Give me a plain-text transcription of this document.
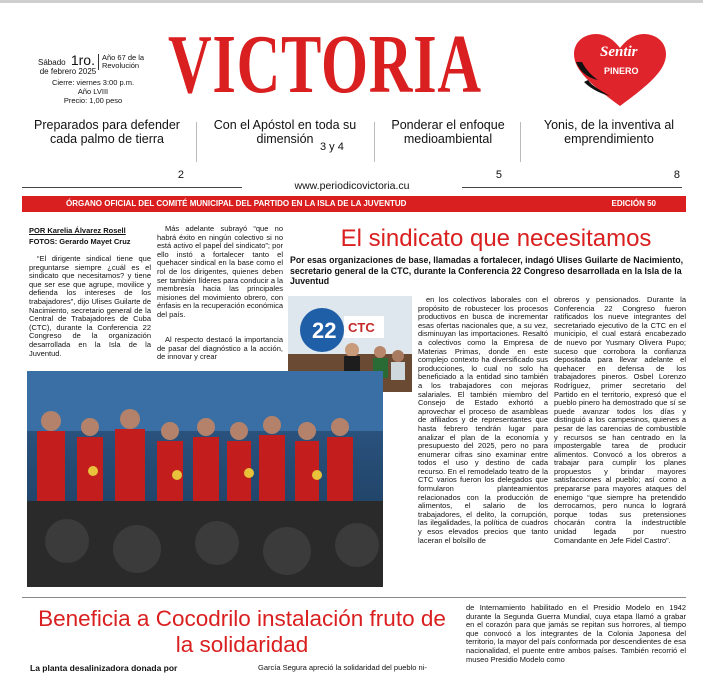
Sábado 1ro.
de febrero 2025
Año 67 de la Revolución
Cierre: viernes 3:00 p.m.
Año LVIII
Precio: 1,00 peso VICTORIA	Sentir
PINERO
Preparados para defender cada palmo de tierra
2
Con el Apóstol en toda su dimensión
3 y 4
Ponderar el enfoque medioambiental
5
Yonis, de la inventiva al emprendimiento
8
www.periodicovictoria.cu
ÓRGANO OFICIAL DEL COMITÉ MUNICIPAL DEL PARTIDO EN LA ISLA DE LA JUVENTUD	EDICIÓN 50
POR Karelia Álvarez Rosell
FOTOS: Gerardo Mayet Cruz
“El dirigente sindical tiene que preguntarse siempre ¿cuál es el sindicato que necesitamos? y tiene que ser ese que agrupe, movilice y defienda los intereses de los trabajadores”, dijo Ulises Guilarte de Nacimiento, secretario general de la Central de Trabajadores de Cuba (CTC), durante la Conferencia 22 Congreso de la organización desarrollada en la Isla de la Juventud.
Más adelante subrayó “que no habrá éxito en ningún colectivo si no está activo el papel del sindicato”; por ello instó a fortalecer tanto el quehacer sindical en la base como el rol de los dirigentes, quienes deben ser también líderes para conducir a la membresía hacia las principales misiones del movimiento obrero, con énfasis en la recuperación económica del país.
Al respecto destacó la importancia de pasar del diagnóstico a la acción, de innovar y crear
El sindicato que necesitamos
Por esas organizaciones de base, llamadas a fortalecer, indagó Ulises Guilarte de Nacimiento, secretario general de la CTC, durante la Conferencia 22 Congreso desarrollada en la Isla de la Juventud
22 CTC
en los colectivos laborales con el propósito de robustecer los procesos productivos en busca de incrementar esas ofertas nacionales que, a su vez, disminuyan las importaciones. Resaltó a colectivos como la Empresa de Materias Primas, donde en este complejo contexto ha diversificado sus producciones, lo cual no solo ha beneficiado a la entidad sino también a los trabajadores con mejoras salariales. El también miembro del Consejo de Estado exhortó a aprovechar el proceso de asambleas de afiliados y de representantes que hasta febrero tendrán lugar para analizar el plan de la economía y presupuesto del 2025, pero no para enumerar cifras sino examinar entre todos el uso y destino de cada recurso. En el remodelado teatro de la CTC varios fueron los delegados que formularon planteamientos relacionados con la producción de alimentos, el salario de los trabajadores, el delito, la corrupción, las ilegalidades, la política de cuadros y esos elevados precios que tanto laceran el bolsillo de
obreros y pensionados. Durante la Conferencia 22 Congreso fueron ratificados los nueve integrantes del secretariado ejecutivo de la CTC en el municipio, el cual estará encabezado de nuevo por Yusmary Olivera Pupo; suceso que corrobora la confianza depositada para llevar adelante el quehacer en defensa de los trabajadores pineros. Osbel Lorenzo Rodríguez, primer secretario del Partido en el territorio, expresó que el pueblo pinero ha demostrado que sí se puede avanzar todos los días y distinguió a los campesinos, quienes a pesar de las carencias de combustible y recursos se han centrado en la impostergable tarea de producir alimentos. Convocó a los obreros a trabajar para cumplir los planes propuestos y brindar mayores satisfacciones al pueblo; así como a prepararse para mayores ataques del enemigo “que siempre ha pretendido derrocarnos, pero nunca lo logrará porque todas sus pretensiones chocarán contra la indestructible unidad legada por nuestro Comandante en Jefe Fidel Castro”.
Beneficia a Cocodrilo instalación fruto de la solidaridad
La planta desalinizadora donada por	García Segura apreció la solidaridad del pueblo ni-
de Internamiento habilitado en el Presidio Modelo en 1942 durante la Segunda Guerra Mundial, cuya etapa llamó a grabar en el corazón para que jamás se repitan sus horrores, al tiempo que convocó a los integrantes de la Colonia Japonesa del territorio, la mayor del país conformada por descendientes de esa nacionalidad, el puente entre ambos países. También recorrió el museo Presidio Modelo como
